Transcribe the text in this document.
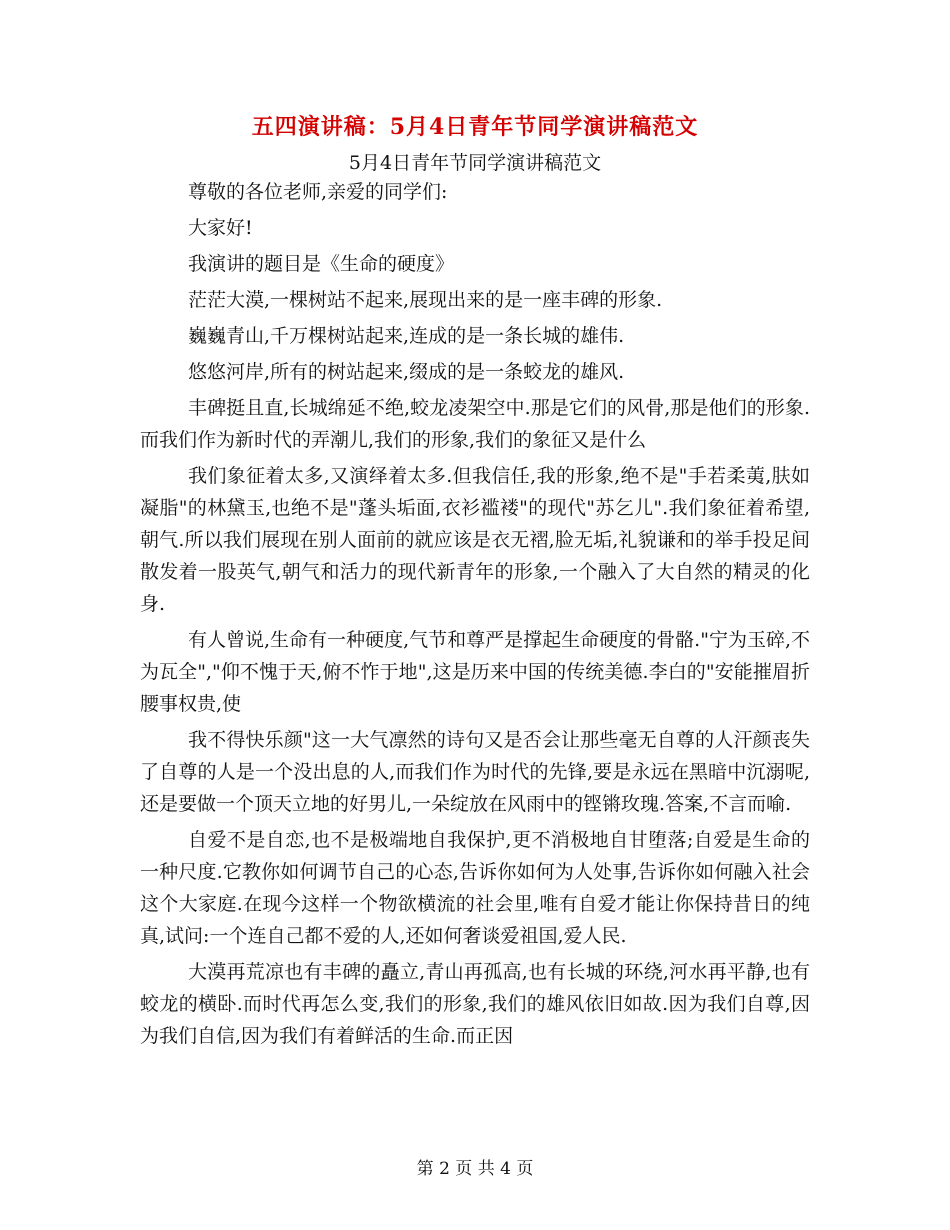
五四演讲稿：5月4日青年节同学演讲稿范文
5月4日青年节同学演讲稿范文

尊敬的各位老师,亲爱的同学们:

大家好!

我演讲的题目是《生命的硬度》

茫茫大漠,一棵树站不起来,展现出来的是一座丰碑的形象.

巍巍青山,千万棵树站起来,连成的是一条长城的雄伟.

悠悠河岸,所有的树站起来,缀成的是一条蛟龙的雄风.

丰碑挺且直,长城绵延不绝,蛟龙凌架空中.那是它们的风骨,那是他们的形象.而我们作为新时代的弄潮儿,我们的形象,我们的象征又是什么

我们象征着太多,又演绎着太多.但我信任,我的形象,绝不是"手若柔荑,肤如凝脂"的林黛玉,也绝不是"蓬头垢面,衣衫褴褛"的现代"苏乞儿".我们象征着希望,朝气.所以我们展现在别人面前的就应该是衣无褶,脸无垢,礼貌谦和的举手投足间散发着一股英气,朝气和活力的现代新青年的形象,一个融入了大自然的精灵的化身.

有人曾说,生命有一种硬度,气节和尊严是撑起生命硬度的骨骼."宁为玉碎,不为瓦全","仰不愧于天,俯不怍于地",这是历来中国的传统美德.李白的"安能摧眉折腰事权贵,使

我不得快乐颜"这一大气凛然的诗句又是否会让那些毫无自尊的人汗颜丧失了自尊的人是一个没出息的人,而我们作为时代的先锋,要是永远在黑暗中沉溺呢,还是要做一个顶天立地的好男儿,一朵绽放在风雨中的铿锵玫瑰.答案,不言而喻.

自爱不是自恋,也不是极端地自我保护,更不消极地自甘堕落;自爱是生命的一种尺度.它教你如何调节自己的心态,告诉你如何为人处事,告诉你如何融入社会这个大家庭.在现今这样一个物欲横流的社会里,唯有自爱才能让你保持昔日的纯真,试问:一个连自己都不爱的人,还如何奢谈爱祖国,爱人民.

大漠再荒凉也有丰碑的矗立,青山再孤高,也有长城的环绕,河水再平静,也有蛟龙的横卧.而时代再怎么变,我们的形象,我们的雄风依旧如故.因为我们自尊,因为我们自信,因为我们有着鲜活的生命.而正因

第 2 页 共 4 页
